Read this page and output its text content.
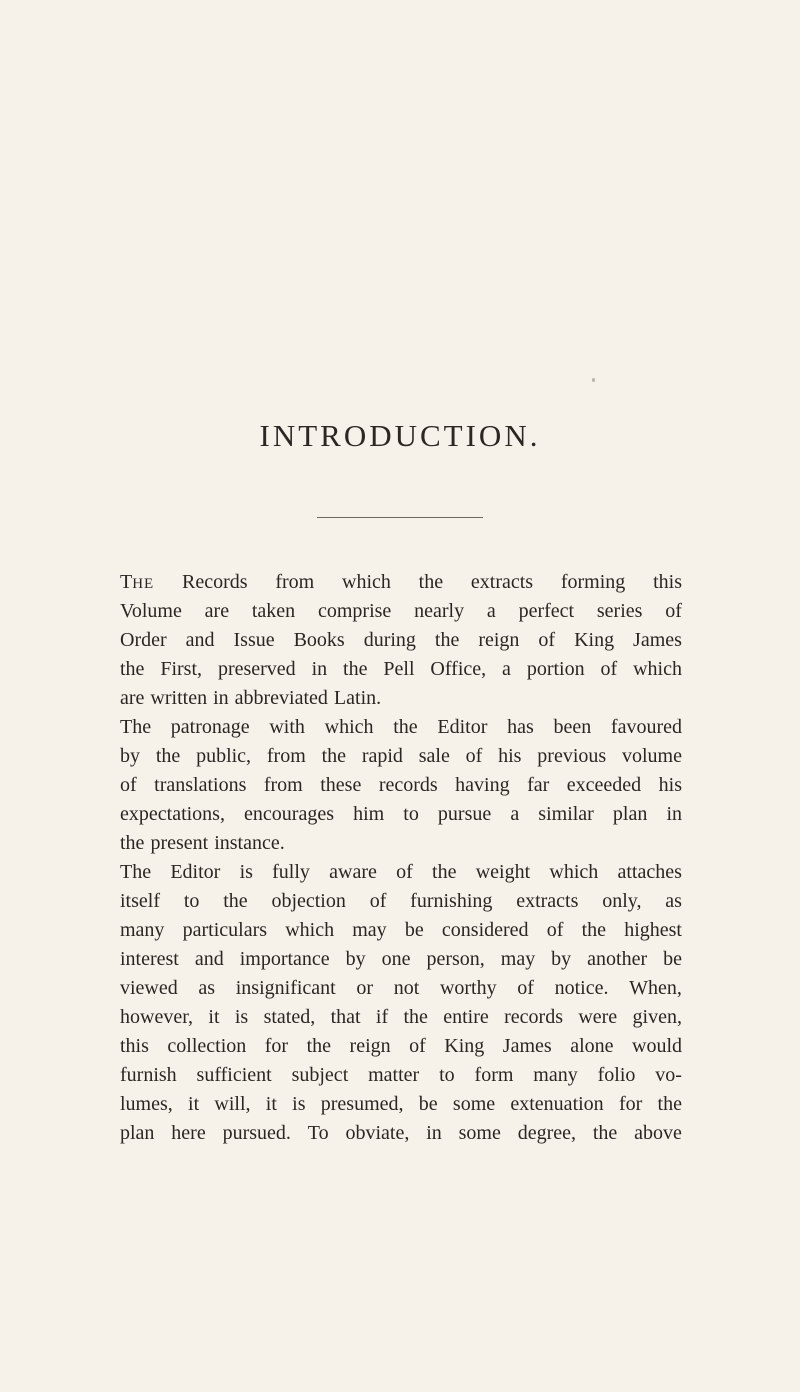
INTRODUCTION.
THE Records from which the extracts forming this
Volume are taken comprise nearly a perfect series of
Order and Issue Books during the reign of King James
the First, preserved in the Pell Office, a portion of which
are written in abbreviated Latin.
The patronage with which the Editor has been favoured
by the public, from the rapid sale of his previous volume
of translations from these records having far exceeded his
expectations, encourages him to pursue a similar plan in
the present instance.
The Editor is fully aware of the weight which attaches
itself to the objection of furnishing extracts only, as
many particulars which may be considered of the highest
interest and importance by one person, may by another be
viewed as insignificant or not worthy of notice. When,
however, it is stated, that if the entire records were given,
this collection for the reign of King James alone would
furnish sufficient subject matter to form many folio vo-
lumes, it will, it is presumed, be some extenuation for the
plan here pursued. To obviate, in some degree, the above
